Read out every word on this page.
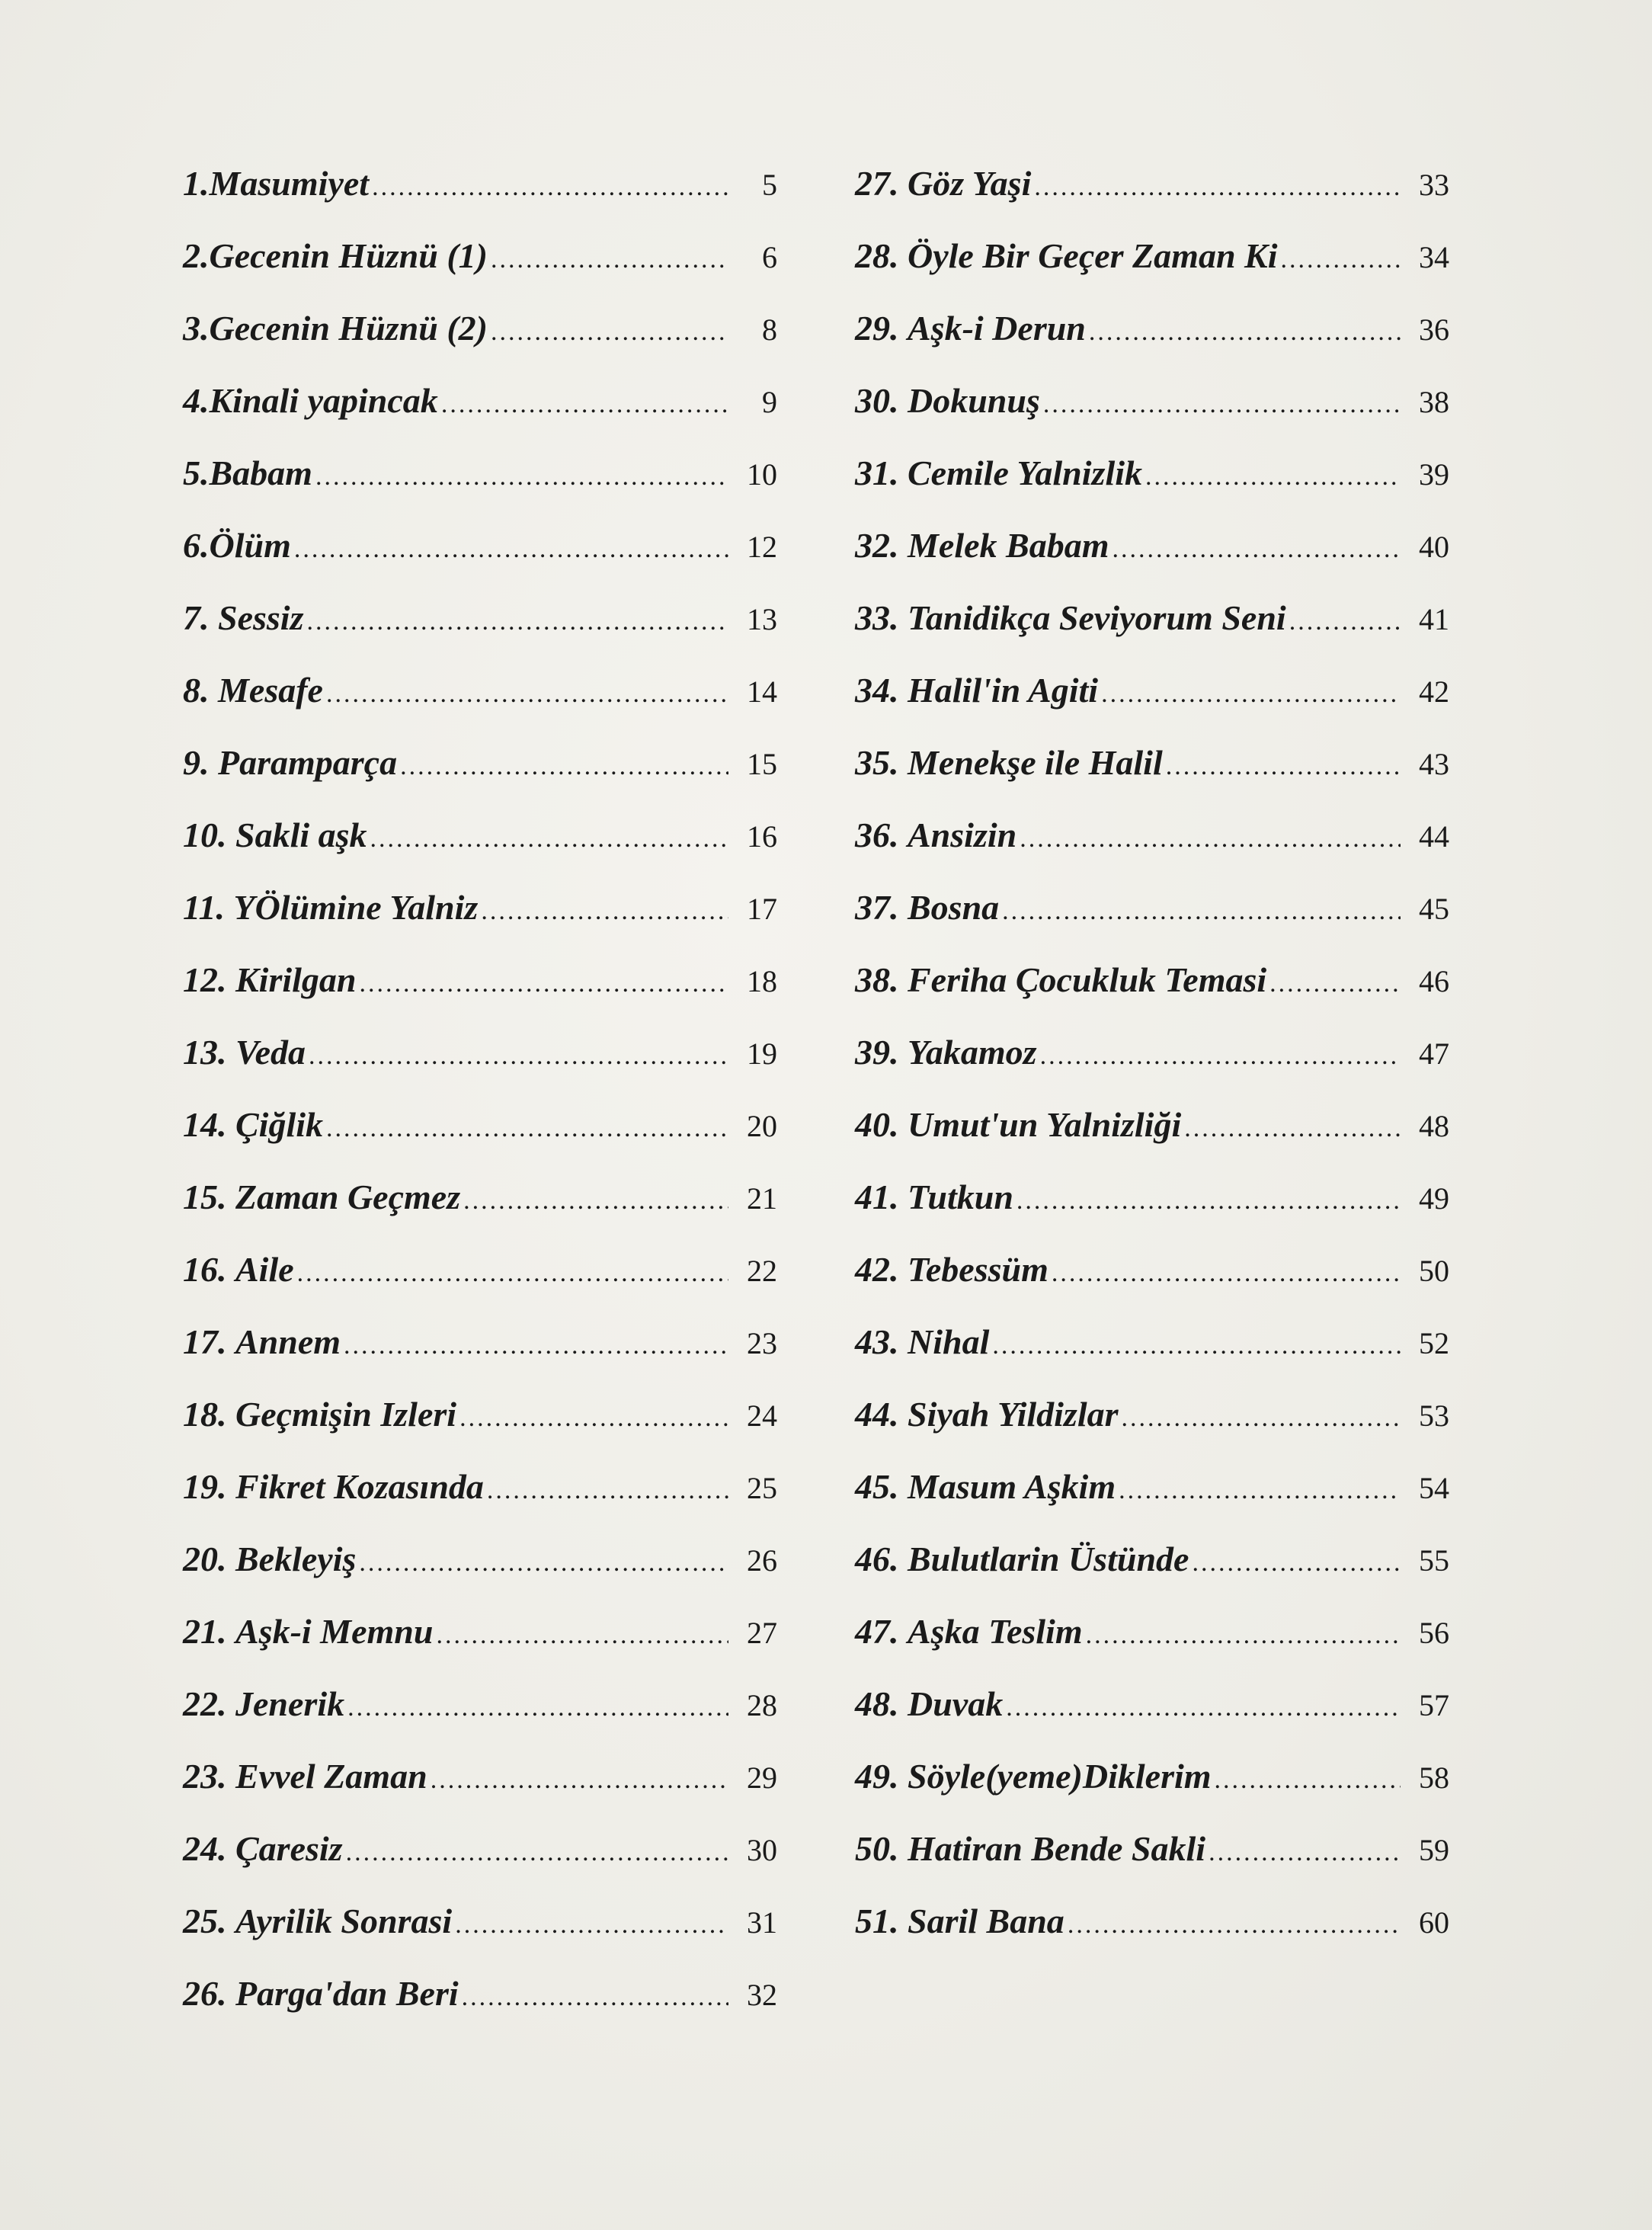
1. Masumiyet .....	5
2. Gecenin Hüznü (1) .....	6
3. Gecenin Hüznü (2) .....	8
4. Kinali yapincak .....	9
5. Babam .....	10
6. Ölüm .....	12
7. Sessiz .....	13
8. Mesafe .....	14
9. Paramparça .....	15
10. Sakli aşk .....	16
11. YÖlümine Yalniz .....	17
12. Kirilgan .....	18
13. Veda .....	19
14. Çiğlik .....	20
15. Zaman Geçmez .....	21
16. Aile .....	22
17. Annem .....	23
18. Geçmişin Izleri .....	24
19. Fikret Kozasında .....	25
20. Bekleyiş .....	26
21. Aşk-i Memnu .....	27
22. Jenerik .....	28
23. Evvel Zaman .....	29
24. Çaresiz .....	30
25. Ayrilik Sonrasi .....	31
26. Parga'dan Beri .....	32
27. Göz Yaşi .....	33
28. Öyle Bir Geçer Zaman Ki .....	34
29. Aşk-i Derun .....	36
30. Dokunuş .....	38
31. Cemile Yalnizlik .....	39
32. Melek Babam .....	40
33. Tanidikça Seviyorum Seni .....	41
34. Halil'in Agiti .....	42
35. Menekşe ile Halil .....	43
36. Ansizin .....	44
37. Bosna .....	45
38. Feriha Çocukluk Temasi .....	46
39. Yakamoz .....	47
40. Umut'un Yalnizliği .....	48
41. Tutkun .....	49
42. Tebessüm .....	50
43. Nihal .....	52
44. Siyah Yildizlar .....	53
45. Masum Aşkim .....	54
46. Bulutlarin Üstünde .....	55
47. Aşka Teslim .....	56
48. Duvak .....	57
49. Söyle(yeme)Diklerim .....	58
50. Hatiran Bende Sakli .....	59
51. Saril Bana .....	60
